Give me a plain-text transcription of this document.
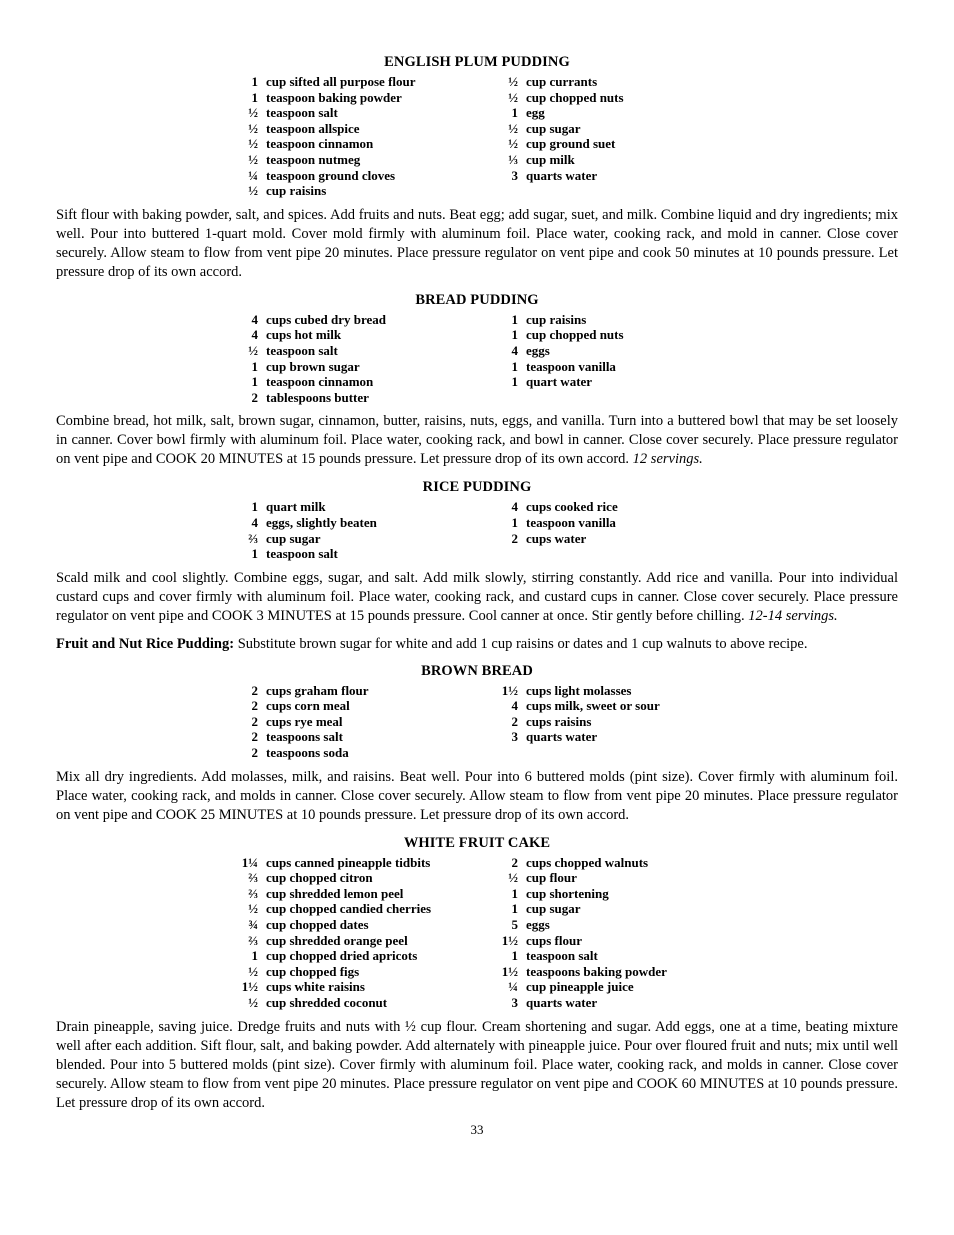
ENGLISH PLUM PUDDING
1 cup sifted all purpose flour
1 teaspoon baking powder
½ teaspoon salt
½ teaspoon allspice
½ teaspoon cinnamon
½ teaspoon nutmeg
¼ teaspoon ground cloves
½ cup raisins
½ cup currants
½ cup chopped nuts
1 egg
½ cup sugar
½ cup ground suet
⅓ cup milk
3 quarts water

Sift flour with baking powder, salt, and spices. Add fruits and nuts. Beat egg; add sugar, suet, and milk. Combine liquid and dry ingredients; mix well. Pour into buttered 1-quart mold. Cover mold firmly with aluminum foil. Place water, cooking rack, and mold in canner. Close cover securely. Allow steam to flow from vent pipe 20 minutes. Place pressure regulator on vent pipe and cook 50 minutes at 10 pounds pressure. Let pressure drop of its own accord.

BREAD PUDDING
4 cups cubed dry bread
4 cups hot milk
½ teaspoon salt
1 cup brown sugar
1 teaspoon cinnamon
2 tablespoons butter
1 cup raisins
1 cup chopped nuts
4 eggs
1 teaspoon vanilla
1 quart water

Combine bread, hot milk, salt, brown sugar, cinnamon, butter, raisins, nuts, eggs, and vanilla. Turn into a buttered bowl that may be set loosely in canner. Cover bowl firmly with aluminum foil. Place water, cooking rack, and bowl in canner. Close cover securely. Place pressure regulator on vent pipe and COOK 20 MINUTES at 15 pounds pressure. Let pressure drop of its own accord. 12 servings.

RICE PUDDING
1 quart milk
4 eggs, slightly beaten
⅔ cup sugar
1 teaspoon salt
4 cups cooked rice
1 teaspoon vanilla
2 cups water

Scald milk and cool slightly. Combine eggs, sugar, and salt. Add milk slowly, stirring constantly. Add rice and vanilla. Pour into individual custard cups and cover firmly with aluminum foil. Place water, cooking rack, and custard cups in canner. Close cover securely. Place pressure regulator on vent pipe and COOK 3 MINUTES at 15 pounds pressure. Cool canner at once. Stir gently before chilling. 12-14 servings.

Fruit and Nut Rice Pudding: Substitute brown sugar for white and add 1 cup raisins or dates and 1 cup walnuts to above recipe.

BROWN BREAD
2 cups graham flour
2 cups corn meal
2 cups rye meal
2 teaspoons salt
2 teaspoons soda
1½ cups light molasses
4 cups milk, sweet or sour
2 cups raisins
3 quarts water

Mix all dry ingredients. Add molasses, milk, and raisins. Beat well. Pour into 6 buttered molds (pint size). Cover firmly with aluminum foil. Place water, cooking rack, and molds in canner. Close cover securely. Allow steam to flow from vent pipe 20 minutes. Place pressure regulator on vent pipe and COOK 25 MINUTES at 10 pounds pressure. Let pressure drop of its own accord.

WHITE FRUIT CAKE
1¼ cups canned pineapple tidbits
⅔ cup chopped citron
⅔ cup shredded lemon peel
½ cup chopped candied cherries
¾ cup chopped dates
⅔ cup shredded orange peel
1 cup chopped dried apricots
½ cup chopped figs
1½ cups white raisins
½ cup shredded coconut
2 cups chopped walnuts
½ cup flour
1 cup shortening
1 cup sugar
5 eggs
1½ cups flour
1 teaspoon salt
1½ teaspoons baking powder
¼ cup pineapple juice
3 quarts water

Drain pineapple, saving juice. Dredge fruits and nuts with ½ cup flour. Cream shortening and sugar. Add eggs, one at a time, beating mixture well after each addition. Sift flour, salt, and baking powder. Add alternately with pineapple juice. Pour over floured fruit and nuts; mix until well blended. Pour into 5 buttered molds (pint size). Cover firmly with aluminum foil. Place water, cooking rack, and molds in canner. Close cover securely. Allow steam to flow from vent pipe 20 minutes. Place pressure regulator on vent pipe and COOK 60 MINUTES at 10 pounds pressure. Let pressure drop of its own accord.

33
